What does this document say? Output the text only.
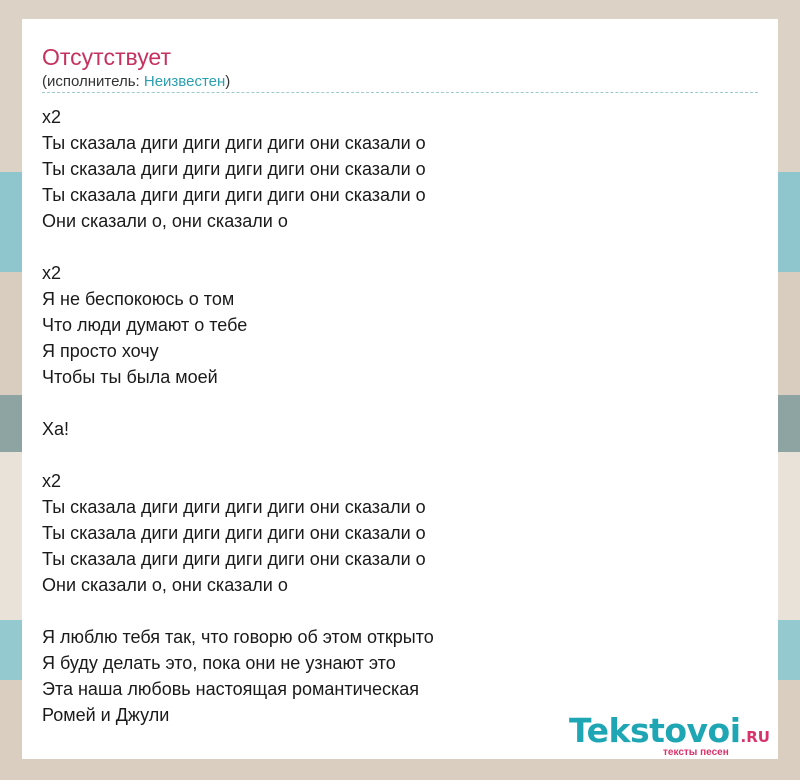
Отсутствует
(исполнитель: Неизвестен)
x2
Ты сказала диги диги диги диги они сказали о
Ты сказала диги диги диги диги они сказали о
Ты сказала диги диги диги диги они сказали о
Они сказали о, они сказали о
x2
Я не беспокоюсь о том
Что люди думают о тебе
Я просто хочу
Чтобы ты была моей
Ха!
x2
Ты сказала диги диги диги диги они сказали о
Ты сказала диги диги диги диги они сказали о
Ты сказала диги диги диги диги они сказали о
Они сказали о, они сказали о
Я люблю тебя так, что говорю об этом открыто
Я буду делать это, пока они не узнают это
Эта наша любовь настоящая романтическая
Ромей и Джули	Tekstovoi.RU
тексты песен
